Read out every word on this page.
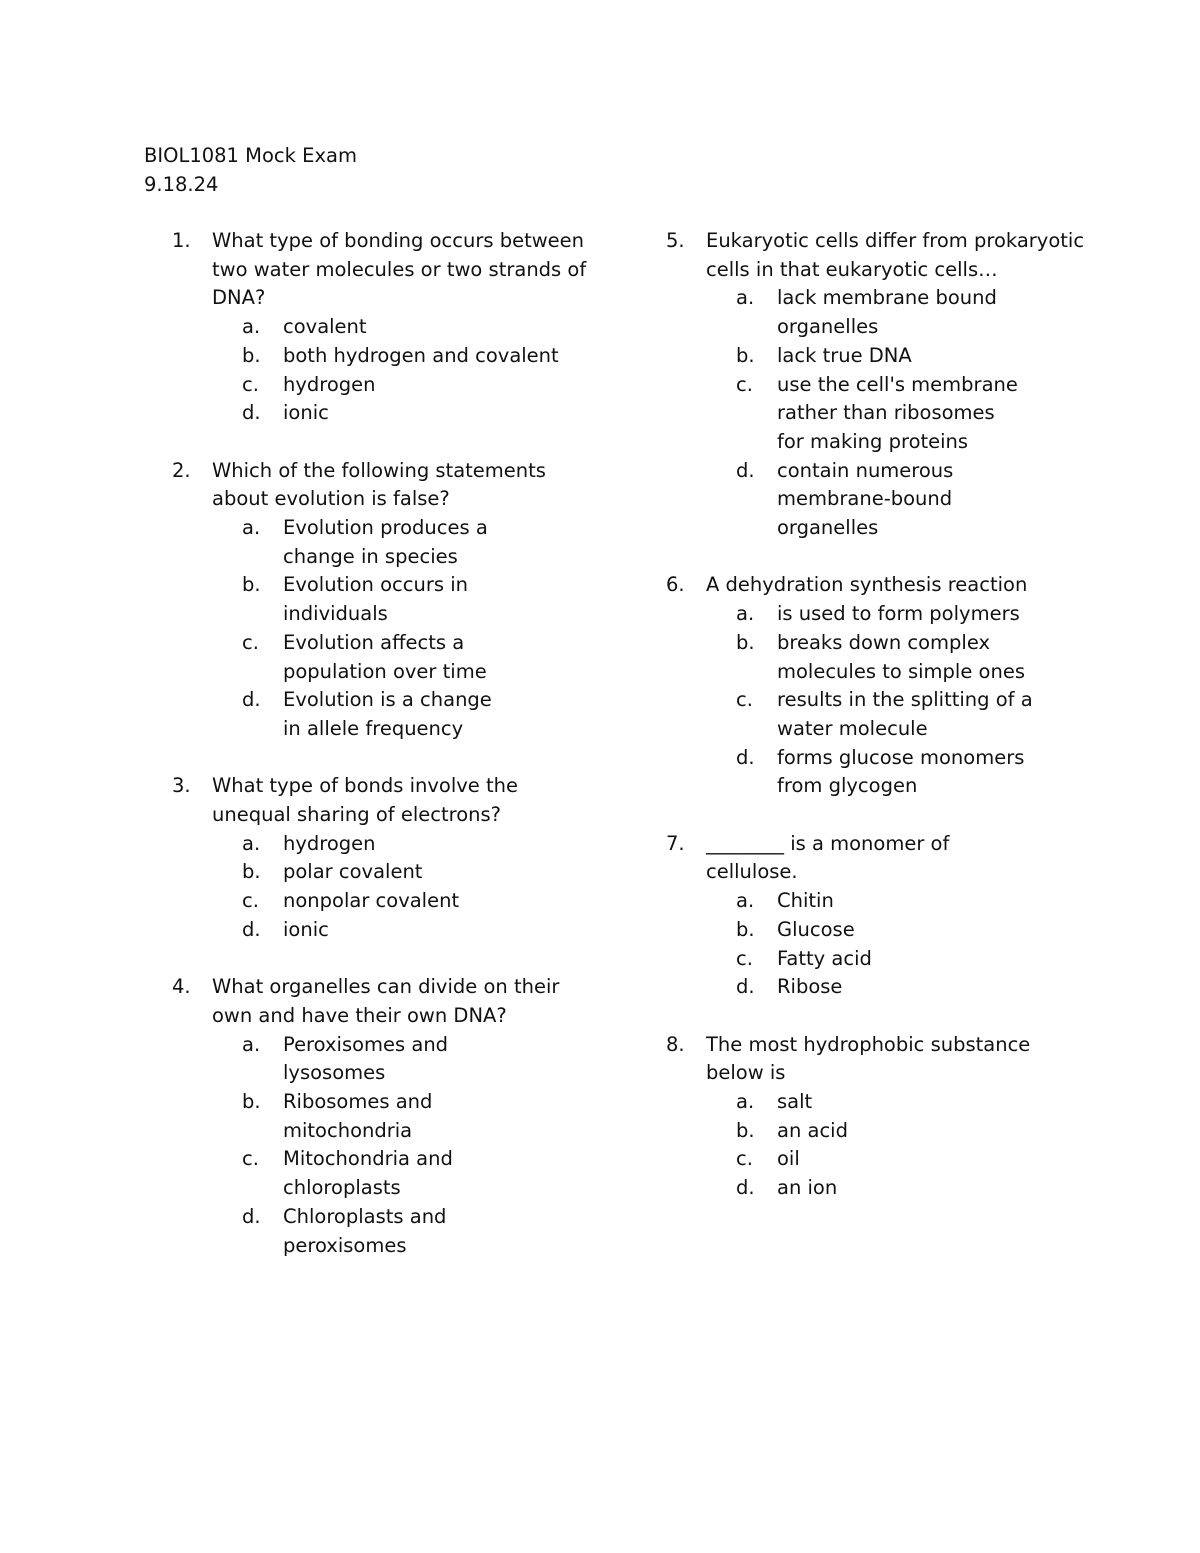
BIOL1081 Mock Exam
9.18.24
1.	What type of bonding occurs between two water molecules or two strands of DNA?
a.	covalent
b.	both hydrogen and covalent
c.	hydrogen
d.	ionic
2.	Which of the following statements about evolution is false?
a.	Evolution produces a change in species
b.	Evolution occurs in individuals
c.	Evolution affects a population over time
d.	Evolution is a change in allele frequency
3.	What type of bonds involve the unequal sharing of electrons?
a.	hydrogen
b.	polar covalent
c.	nonpolar covalent
d.	ionic
4.	What organelles can divide on their own and have their own DNA?
a.	Peroxisomes and lysosomes
b.	Ribosomes and mitochondria
c.	Mitochondria and chloroplasts
d.	Chloroplasts and peroxisomes
5.	Eukaryotic cells differ from prokaryotic cells in that eukaryotic cells…
a.	lack membrane bound organelles
b.	lack true DNA
c.	use the cell's membrane rather than ribosomes for making proteins
d.	contain numerous membrane-bound organelles
6.	A dehydration synthesis reaction
a.	is used to form polymers
b.	breaks down complex molecules to simple ones
c.	results in the splitting of a water molecule
d.	forms glucose monomers from glycogen
7.	________ is a monomer of cellulose.
a.	Chitin
b.	Glucose
c.	Fatty acid
d.	Ribose
8.	The most hydrophobic substance below is
a.	salt
b.	an acid
c.	oil
d.	an ion
